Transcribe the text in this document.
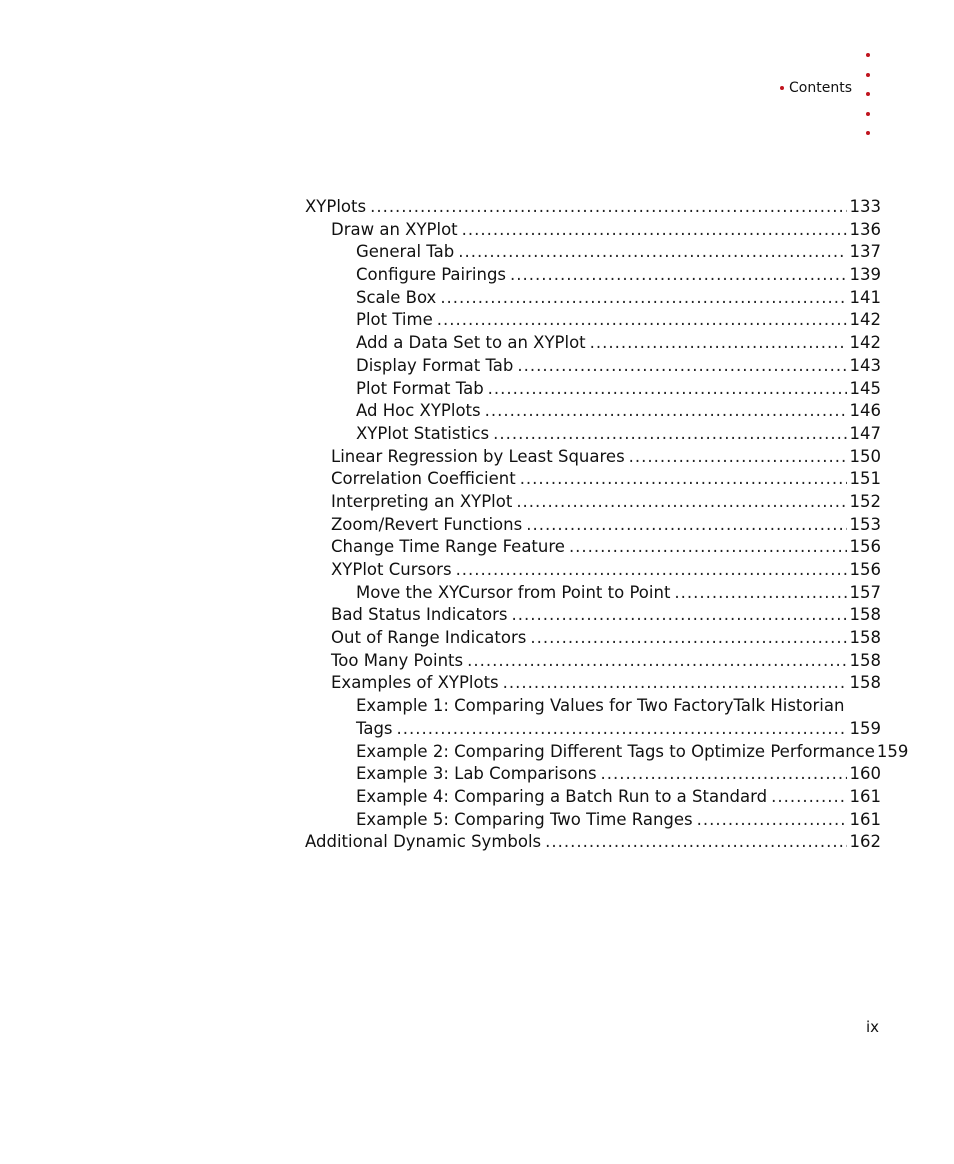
Contents
XYPlots .....	133
Draw an XYPlot .....	136
General Tab .....	137
Configure Pairings .....	139
Scale Box .....	141
Plot Time .....	142
Add a Data Set to an XYPlot .....	142
Display Format Tab .....	143
Plot Format Tab .....	145
Ad Hoc XYPlots .....	146
XYPlot Statistics .....	147
Linear Regression by Least Squares .....	150
Correlation Coefficient .....	151
Interpreting an XYPlot .....	152
Zoom/Revert Functions .....	153
Change Time Range Feature .....	156
XYPlot Cursors .....	156
Move the XYCursor from Point to Point .....	157
Bad Status Indicators .....	158
Out of Range Indicators .....	158
Too Many Points .....	158
Examples of XYPlots .....	158
Example 1: Comparing Values for Two FactoryTalk Historian
Tags .....	159
Example 2: Comparing Different Tags to Optimize Performance 159
Example 3: Lab Comparisons .....	160
Example 4: Comparing a Batch Run to a Standard .....	161
Example 5: Comparing Two Time Ranges .....	161
Additional Dynamic Symbols .....	162
ix
